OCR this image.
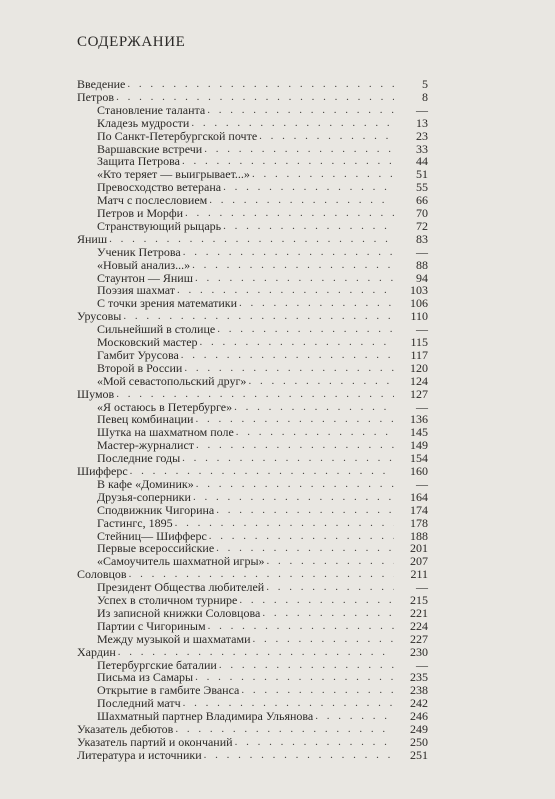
СОДЕРЖАНИЕ
Введение . . .	5
Петров . . .	8
Становление таланта . . .	—
Кладезь мудрости . . .	13
По Санкт-Петербургской почте . . .	23
Варшавские встречи . . .	33
Защита Петрова . . .	44
«Кто теряет — выигрывает...» . . .	51
Превосходство ветерана . . .	55
Матч с послесловием . . .	66
Петров и Морфи . . .	70
Странствующий рыцарь . . .	72
Яниш . . .	83
Ученик Петрова . . .	—
«Новый анализ...» . . .	88
Стаунтон — Яниш . . .	94
Поэзия шахмат . . .	103
С точки зрения математики . . .	106
Урусовы . . .	110
Сильнейший в столице . . .	—
Московский мастер . . .	115
Гамбит Урусова . . .	117
Второй в России . . .	120
«Мой севастопольский друг» . . .	124
Шумов . . .	127
«Я остаюсь в Петербурге» . . .	—
Певец комбинации . . .	136
Шутка на шахматном поле . . .	145
Мастер-журналист . . .	149
Последние годы . . .	154
Шифферс . . .	160
В кафе «Доминик» . . .	—
Друзья-соперники . . .	164
Сподвижник Чигорина . . .	174
Гастингс, 1895 . . .	178
Стейниц— Шифферс . . .	188
Первые всероссийские . . .	201
«Самоучитель шахматной игры» . . .	207
Соловцов . . .	211
Президент Общества любителей . . .	—
Успех в столичном турнире . . .	215
Из записной книжки Соловцова . . .	221
Партии с Чигориным . . .	224
Между музыкой и шахматами . . .	227
Хардин . . .	230
Петербургские баталии . . .	—
Письма из Самары . . .	235
Открытие в гамбите Эванса . . .	238
Последний матч . . .	242
Шахматный партнер Владимира Ульянова . . .	246
Указатель дебютов . . .	249
Указатель партий и окончаний . . .	250
Литература и источники . . .	251
